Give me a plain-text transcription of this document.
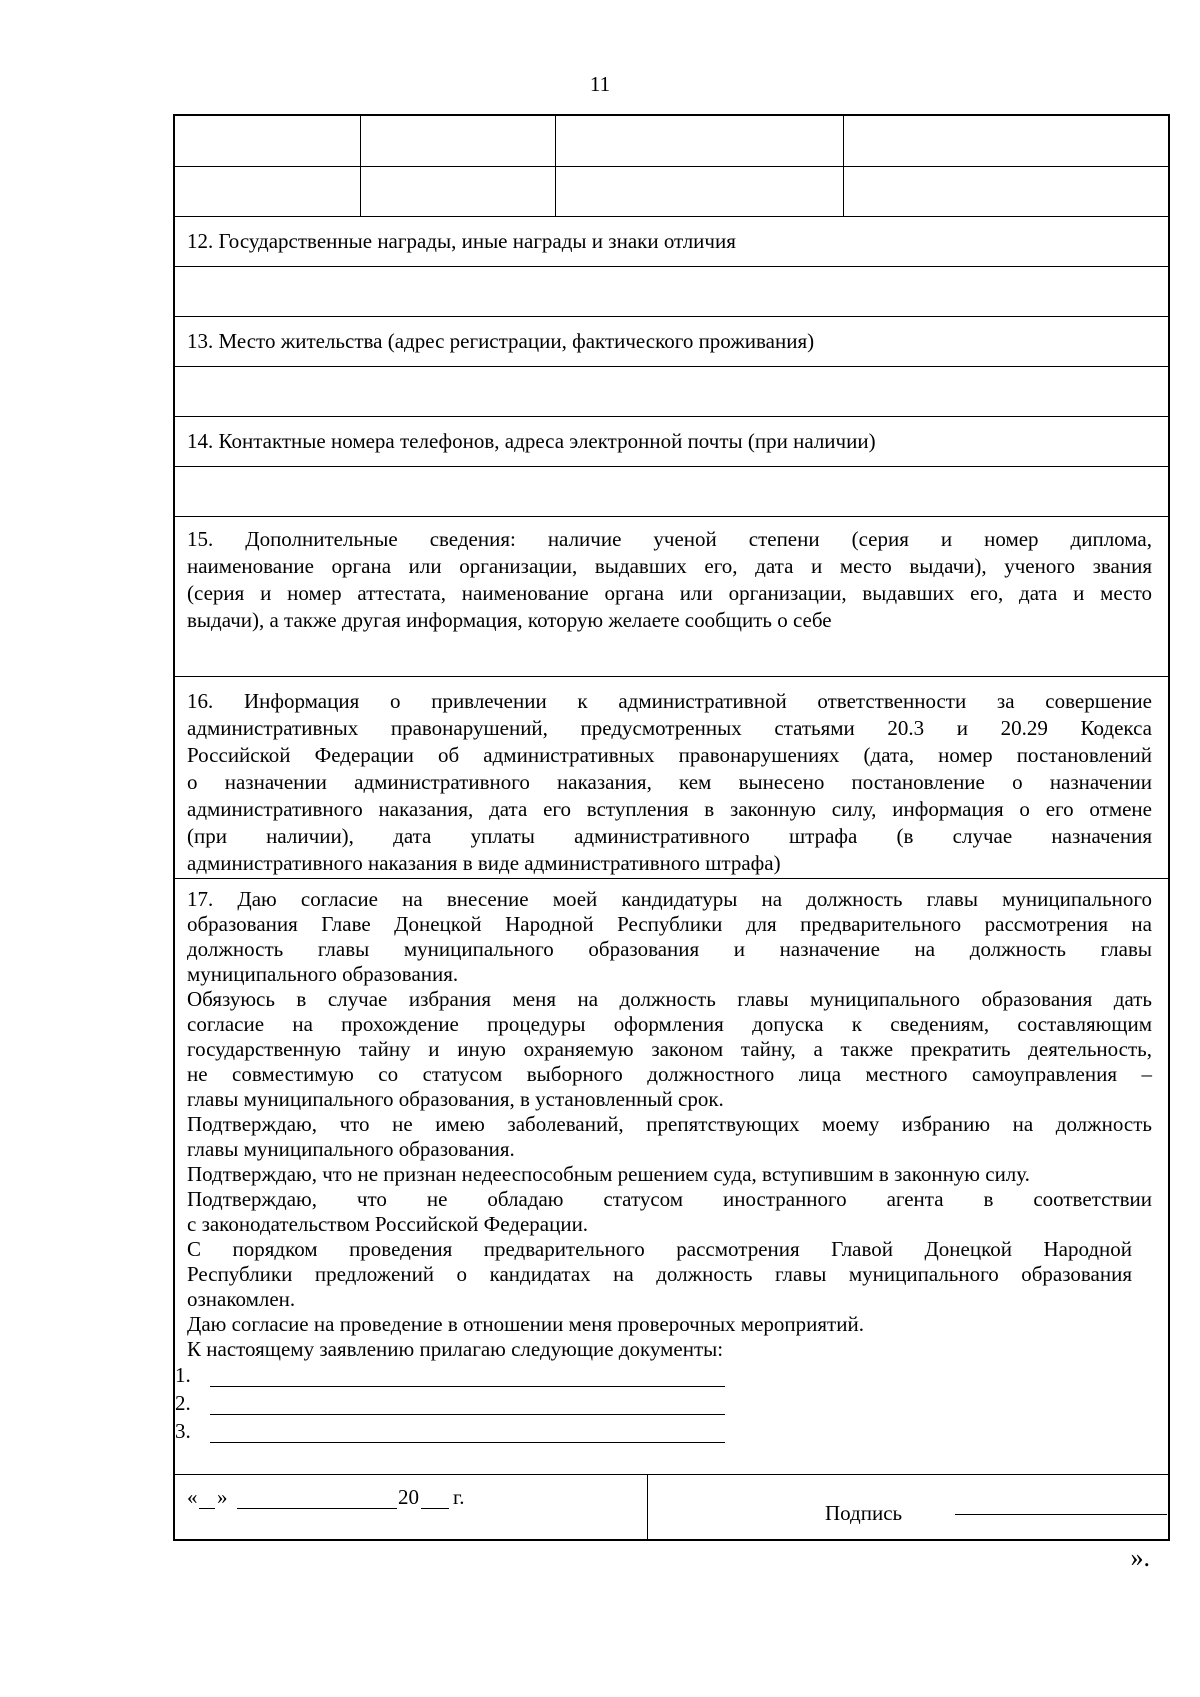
11
12. Государственные награды, иные награды и знаки отличия
13. Место жительства (адрес регистрации, фактического проживания)
14. Контактные номера телефонов, адреса электронной почты (при наличии)
15. Дополнительные сведения: наличие ученой степени (серия и номер диплома,
наименование органа или организации, выдавших его, дата и место выдачи), ученого звания
(серия и номер аттестата, наименование органа или организации, выдавших его, дата и место
выдачи), а также другая информация, которую желаете сообщить о себе
16. Информация о привлечении к административной ответственности за совершение
административных правонарушений, предусмотренных статьями 20.3 и 20.29 Кодекса
Российской Федерации об административных правонарушениях (дата, номер постановлений
о назначении административного наказания, кем вынесено постановление о назначении
административного наказания, дата его вступления в законную силу, информация о его отмене
(при наличии), дата уплаты административного штрафа (в случае назначения
административного наказания в виде административного штрафа)
17. Даю согласие на внесение моей кандидатуры на должность главы муниципального
образования Главе Донецкой Народной Республики для предварительного рассмотрения на
должность главы муниципального образования и назначение на должность главы
муниципального образования.
Обязуюсь в случае избрания меня на должность главы муниципального образования дать
согласие на прохождение процедуры оформления допуска к сведениям, составляющим
государственную тайну и иную охраняемую законом тайну, а также прекратить деятельность,
не совместимую со статусом выборного должностного лица местного самоуправления –
главы муниципального образования, в установленный срок.
Подтверждаю, что не имею заболеваний, препятствующих моему избранию на должность
главы муниципального образования.
Подтверждаю, что не признан недееспособным решением суда, вступившим в законную силу.
Подтверждаю, что не обладаю статусом иностранного агента в соответствии
с законодательством Российской Федерации.
С порядком проведения предварительного рассмотрения Главой Донецкой Народной
Республики предложений о кандидатах на должность главы муниципального образования
ознакомлен.
Даю согласие на проведение в отношении меня проверочных мероприятий.
К настоящему заявлению прилагаю следующие документы:
1.
2.
3.
« »	20 г.
Подпись
».
